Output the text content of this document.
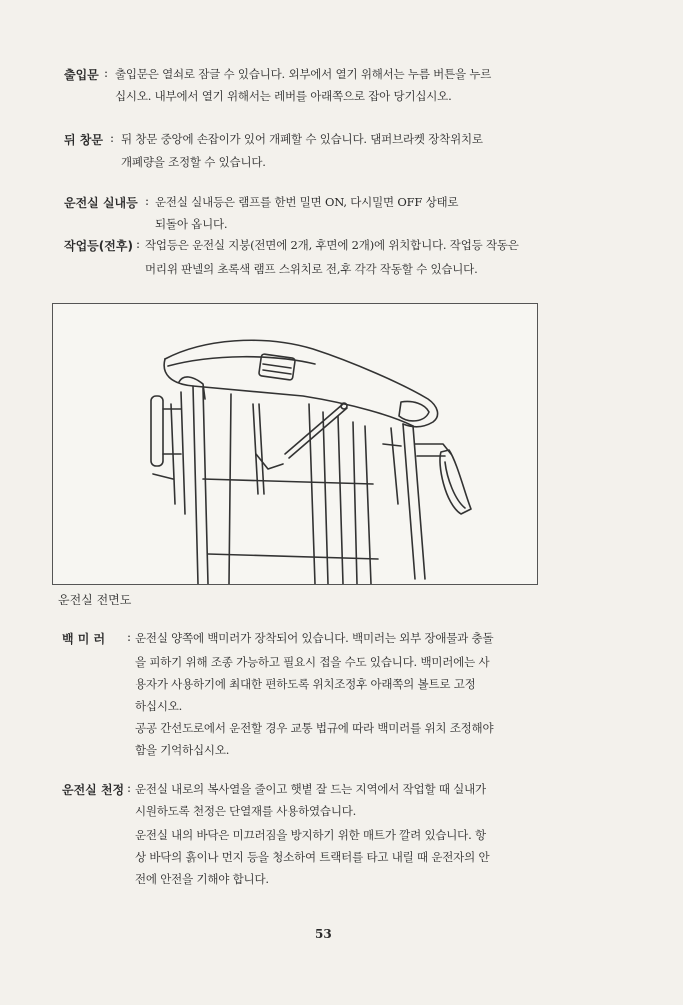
출입문 : 출입문은 열쇠로 잠글 수 있습니다. 외부에서 열기 위해서는 누름 버튼을 누르
십시오. 내부에서 열기 위해서는 레버를 아래쪽으로 잡아 당기십시오.
뒤 창문 : 뒤 창문 중앙에 손잡이가 있어 개폐할 수 있습니다. 댐퍼브라켓 장착위치로
개폐량을 조정할 수 있습니다.
운전실 실내등 : 운전실 실내등은 램프를 한번 밀면 ON, 다시밀면 OFF 상태로
되돌아 옵니다.
작업등(전후) : 작업등은 운전실 지붕(전면에 2개, 후면에 2개)에 위치합니다. 작업등 작동은
머리위 판넬의 초록색 램프 스위치로 전,후 각각 작동할 수 있습니다.
운전실 전면도
백 미 러 : 운전실 양쪽에 백미러가 장착되어 있습니다. 백미러는 외부 장애물과 충돌
을 피하기 위해 조종 가능하고 필요시 접을 수도 있습니다. 백미러에는 사
용자가 사용하기에 최대한 편하도록 위치조정후 아래쪽의 볼트로 고정
하십시오.
공공 간선도로에서 운전할 경우 교통 법규에 따라 백미러를 위치 조정해야
함을 기억하십시오.
운전실 천정 : 운전실 내로의 복사열을 줄이고 햇볕 잘 드는 지역에서 작업할 때 실내가
시원하도록 천정은 단열재를 사용하였습니다.
운전실 내의 바닥은 미끄러짐을 방지하기 위한 매트가 깔려 있습니다. 항
상 바닥의 흙이나 먼지 등을 청소하여 트랙터를 타고 내릴 때 운전자의 안
전에 안전을 기해야 합니다.
53
